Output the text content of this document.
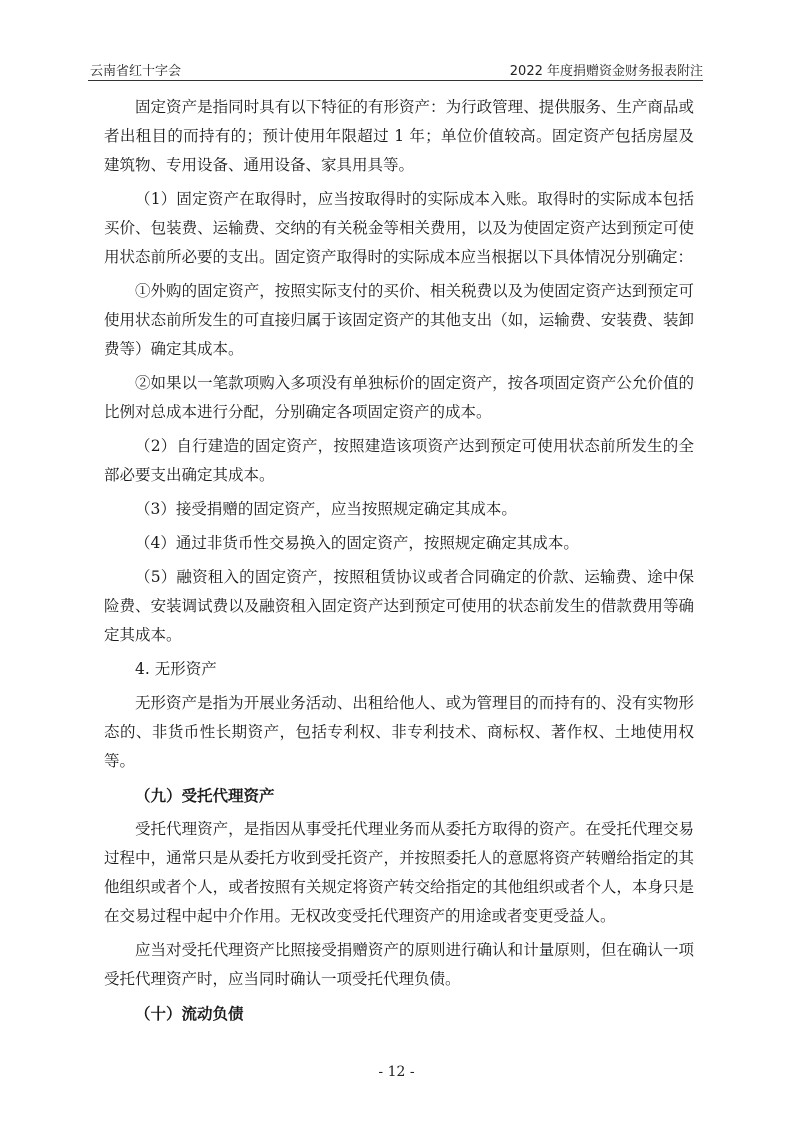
云南省红十字会	2022 年度捐赠资金财务报表附注

固定资产是指同时具有以下特征的有形资产：为行政管理、提供服务、生产商品或者出租目的而持有的；预计使用年限超过 1 年；单位价值较高。固定资产包括房屋及建筑物、专用设备、通用设备、家具用具等。

（1）固定资产在取得时，应当按取得时的实际成本入账。取得时的实际成本包括买价、包装费、运输费、交纳的有关税金等相关费用，以及为使固定资产达到预定可使用状态前所必要的支出。固定资产取得时的实际成本应当根据以下具体情况分别确定：

①外购的固定资产，按照实际支付的买价、相关税费以及为使固定资产达到预定可使用状态前所发生的可直接归属于该固定资产的其他支出（如，运输费、安装费、装卸费等）确定其成本。

②如果以一笔款项购入多项没有单独标价的固定资产，按各项固定资产公允价值的比例对总成本进行分配，分别确定各项固定资产的成本。

（2）自行建造的固定资产，按照建造该项资产达到预定可使用状态前所发生的全部必要支出确定其成本。

（3）接受捐赠的固定资产，应当按照规定确定其成本。

（4）通过非货币性交易换入的固定资产，按照规定确定其成本。

（5）融资租入的固定资产，按照租赁协议或者合同确定的价款、运输费、途中保险费、安装调试费以及融资租入固定资产达到预定可使用的状态前发生的借款费用等确定其成本。

4. 无形资产

无形资产是指为开展业务活动、出租给他人、或为管理目的而持有的、没有实物形态的、非货币性长期资产，包括专利权、非专利技术、商标权、著作权、土地使用权等。

（九）受托代理资产

受托代理资产，是指因从事受托代理业务而从委托方取得的资产。在受托代理交易过程中，通常只是从委托方收到受托资产，并按照委托人的意愿将资产转赠给指定的其他组织或者个人，或者按照有关规定将资产转交给指定的其他组织或者个人，本身只是在交易过程中起中介作用。无权改变受托代理资产的用途或者变更受益人。

应当对受托代理资产比照接受捐赠资产的原则进行确认和计量原则，但在确认一项受托代理资产时，应当同时确认一项受托代理负债。

（十）流动负债

- 12 -
